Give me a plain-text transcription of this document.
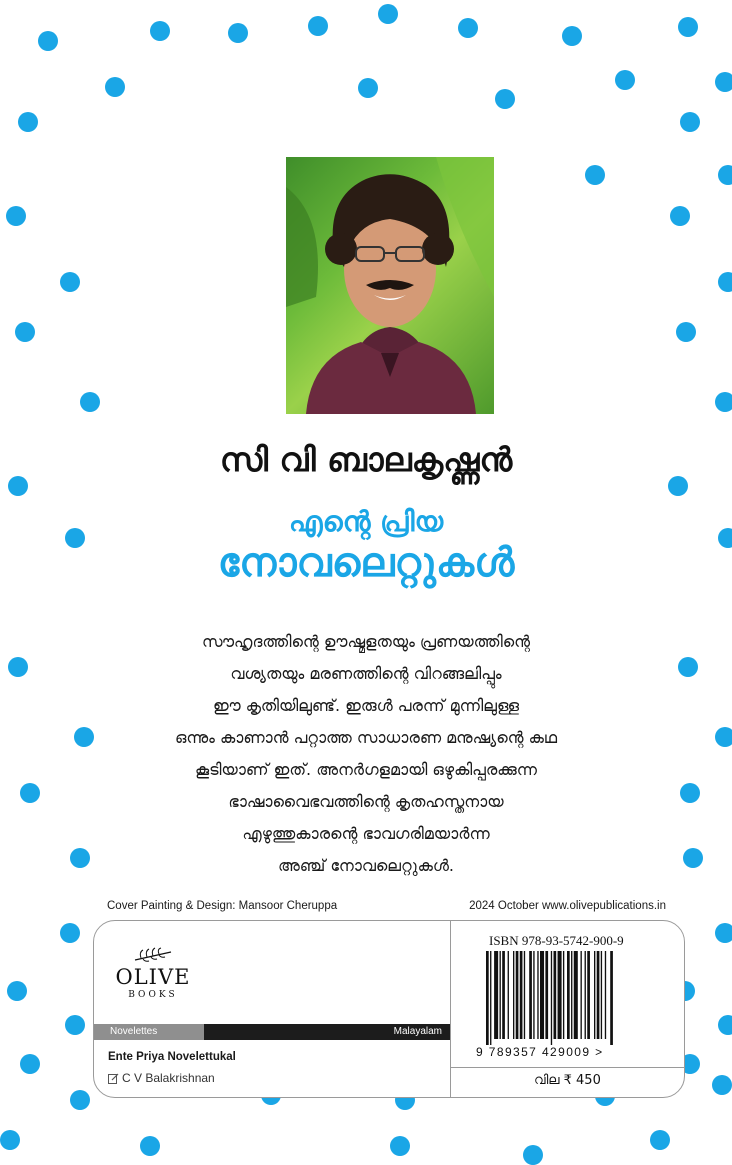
സി വി ബാലകൃഷ്ണൻ
എന്റെ പ്രിയ
നോവലെറ്റുകൾ
സൗഹൃദത്തിന്റെ ഊഷ്മളതയും പ്രണയത്തിന്റെ
വശ്യതയും മരണത്തിന്റെ വിറങ്ങലിപ്പും
ഈ കൃതിയിലുണ്ട്. ഇരുൾ പരന്ന് മുന്നിലുള്ള
ഒന്നും കാണാൻ പറ്റാത്ത സാധാരണ മനുഷ്യന്റെ കഥ
കൂടിയാണ് ഇത്. അനർഗളമായി ഒഴുകിപ്പരക്കുന്ന
ഭാഷാവൈഭവത്തിന്റെ കൃതഹസ്തനായ
എഴുത്തുകാരന്റെ ഭാവഗരിമയാർന്ന
അഞ്ച് നോവലെറ്റുകൾ.
Cover Painting & Design: Mansoor Cheruppa	2024 October www.olivepublications.in
OLIVE
BOOKS
Novelettes	Malayalam
Ente Priya Novelettukal
C V Balakrishnan
ISBN 978-93-5742-900-9
9 789357 429009 >
വില ₹ 450
